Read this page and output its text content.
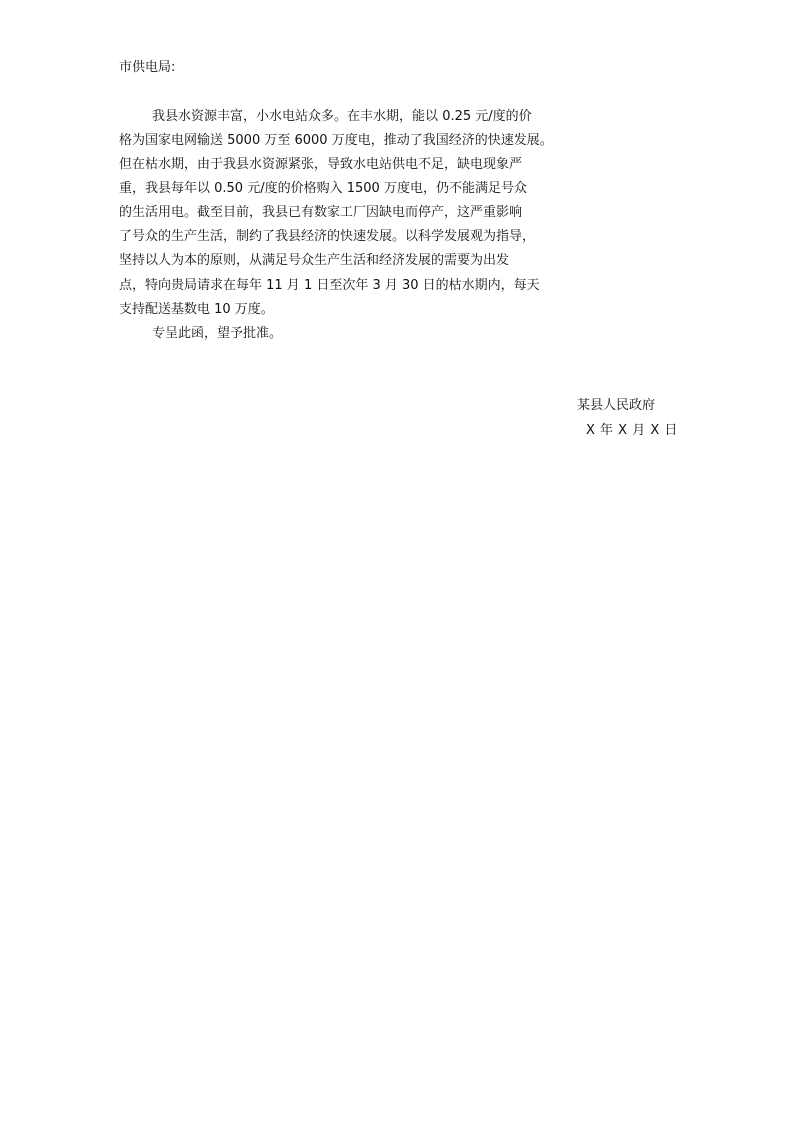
市供电局:
我县水资源丰富，小水电站众多。在丰水期，能以 0.25 元/度的价
格为国家电网输送 5000 万至 6000 万度电，推动了我国经济的快速发展。
但在枯水期，由于我县水资源紧张，导致水电站供电不足，缺电现象严
重，我县每年以 0.50 元/度的价格购入 1500 万度电，仍不能满足号众
的生活用电。截至目前，我县已有数家工厂因缺电而停产，这严重影响
了号众的生产生活，制约了我县经济的快速发展。以科学发展观为指导，
坚持以人为本的原则，从满足号众生产生活和经济发展的需要为出发
点，特向贵局请求在每年 11 月 1 日至次年 3 月 30 日的枯水期内，每天
支持配送基数电 10 万度。
专呈此函，望予批准。
某县人民政府
X 年 X 月 X 日
